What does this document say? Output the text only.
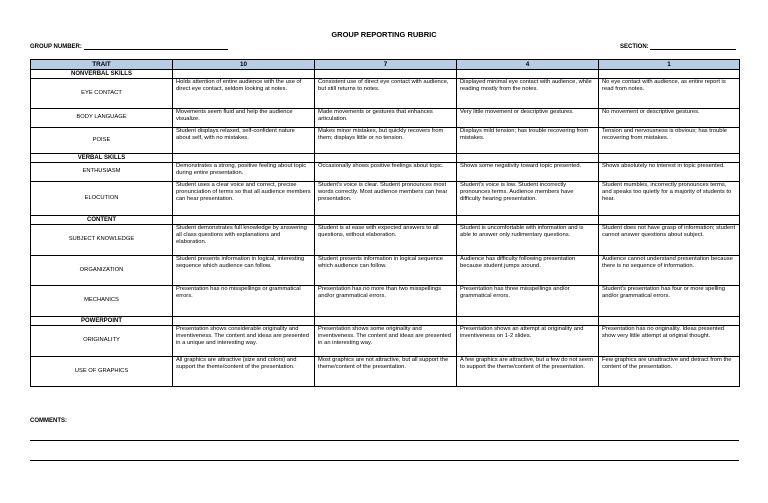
GROUP REPORTING RUBRIC
GROUP NUMBER:	SECTION:
TRAIT	10	7	4	1
NONVERBAL SKILLS				
EYE CONTACT	Holds attention of entire audience with the use of direct eye contact, seldom looking at notes.	Consistent use of direct eye contact with audience, but still returns to notes.	Displayed minimal eye contact with audience, while reading mostly from the notes.	No eye contact with audience, as entire report is read from notes.
BODY LANGUAGE	Movements seem fluid and help the audience visualize.	Made movements or gestures that enhances articulation.	Very little movement or descriptive gestures.	No movement or descriptive gestures.
POISE	Student displays relaxed, self-confident nature about self, with no mistakes.	Makes minor mistakes, but quickly recovers from them; displays little or no tension.	Displays mild tension; has trouble recovering from mistakes.	Tension and nervousness is obvious; has trouble recovering from mistakes.
VERBAL SKILLS				
ENTHUSIASM	Demonstrates a strong, positive feeling about topic during entire presentation.	Occasionally shows positive feelings about topic.	Shows some negativity toward topic presented.	Shows absolutely no interest in topic presented.
ELOCUTION	Student uses a clear voice and correct, precise pronunciation of terms so that all audience members can hear presentation.	Student's voice is clear. Student pronounces most words correctly. Most audience members can hear presentation.	Student's voice is low. Student incorrectly pronounces terms. Audience members have difficulty hearing presentation.	Student mumbles, incorrectly pronounces terms, and speaks too quietly for a majority of students to hear.
CONTENT				
SUBJECT KNOWLEDGE	Student demonstrates full knowledge by answering all class questions with explanations and elaboration.	Student is at ease with expected answers to all questions, without elaboration.	Student is uncomfortable with information and is able to answer only rudimentary questions.	Student does not have grasp of information; student cannot answer questions about subject.
ORGANIZATION	Student presents information in logical, interesting sequence which audience can follow.	Student presents information in logical sequence which audience can follow.	Audience has difficulty following presentation because student jumps around.	Audience cannot understand presentation because there is no sequence of information.
MECHANICS	Presentation has no misspellings or grammatical errors.	Presentation has no more than two misspellings and/or grammatical errors.	Presentation has three misspellings and/or grammatical errors.	Student's presentation has four or more spelling and/or grammatical errors.
POWERPOINT				
ORIGINALITY	Presentation shows considerable originality and inventiveness. The content and ideas are presented in a unique and interesting way.	Presentation shows some originality and inventiveness. The content and ideas are presented in an interesting way.	Presentation shows an attempt at originality and inventiveness on 1-2 slides.	Presentation has no originality. Ideas presented show very little attempt at original thought.
USE OF GRAPHICS	All graphics are attractive (size and colors) and support the theme/content of the presentation.	Most graphics are not attractive, but all support the theme/content of the presentation.	A few graphics are attractive, but a few do not seem to support the theme/content of the presentation.	Few graphics are unattractive and detract from the content of the presentation.
COMMENTS:
